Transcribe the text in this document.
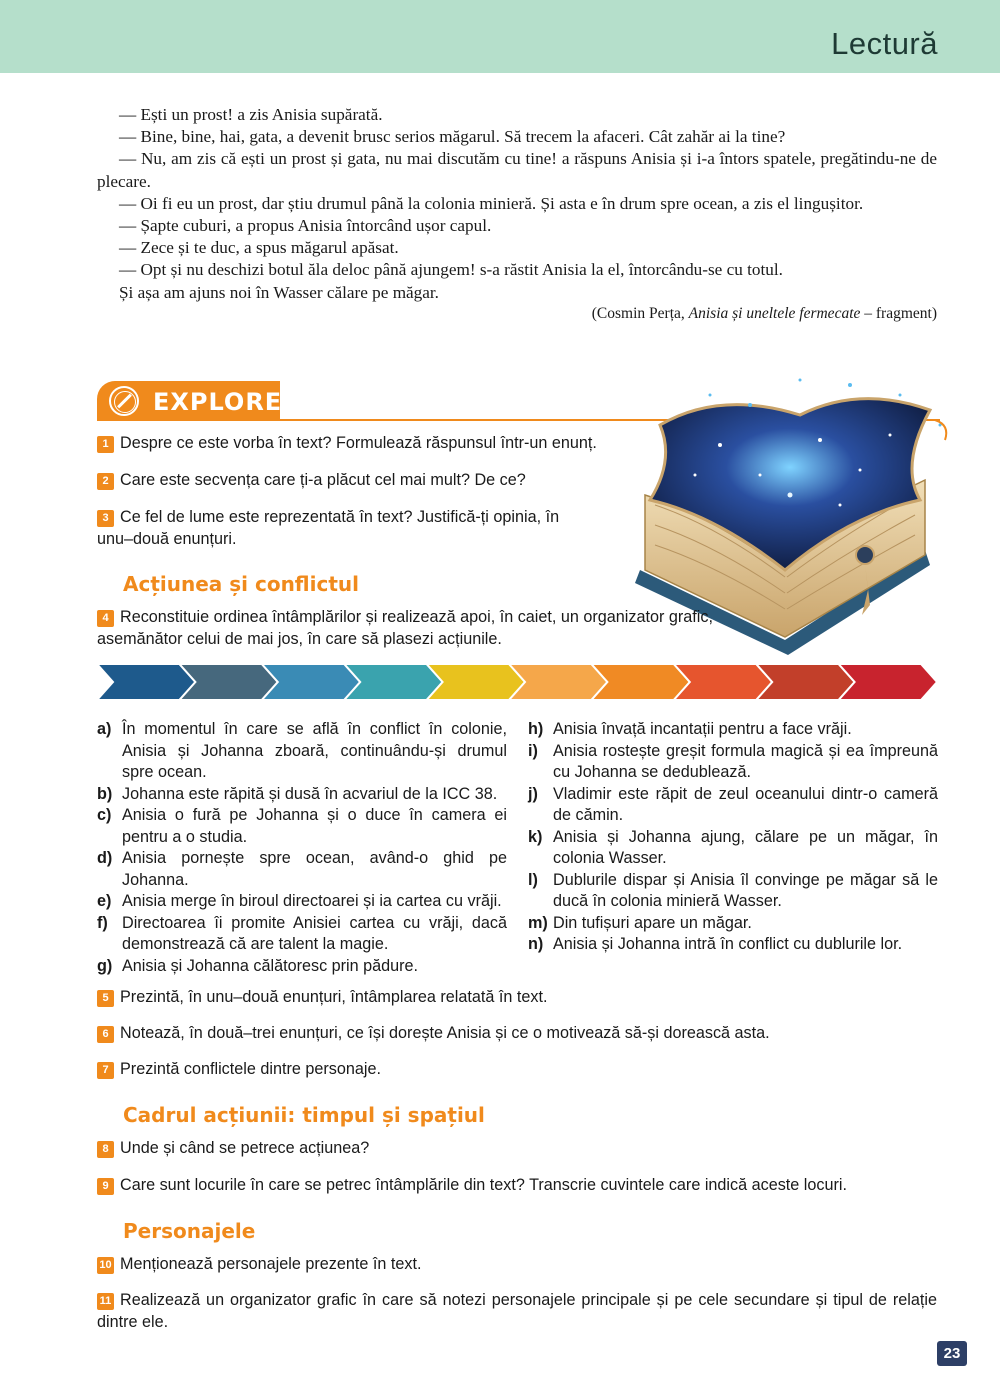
Lectură

— Ești un prost! a zis Anisia supărată.

— Bine, bine, hai, gata, a devenit brusc serios măgarul. Să trecem la afaceri. Cât zahăr ai la tine?

— Nu, am zis că ești un prost și gata, nu mai discutăm cu tine! a răspuns Anisia și i-a întors spatele, pregătindu-ne de plecare.

— Oi fi eu un prost, dar știu drumul până la colonia minieră. Și asta e în drum spre ocean, a zis el lingușitor.

— Șapte cuburi, a propus Anisia întorcând ușor capul.

— Zece și te duc, a spus măgarul apăsat.

— Opt și nu deschizi botul ăla deloc până ajungem! s-a răstit Anisia la el, întorcându-se cu totul.

Și așa am ajuns noi în Wasser călare pe măgar.

(Cosmin Perța, Anisia și uneltele fermecate – fragment)
EXPLOREZ
1 Despre ce este vorba în text? Formulează răspunsul într-un enunț.
2 Care este secvența care ți-a plăcut cel mai mult? De ce?
3 Ce fel de lume este reprezentată în text? Justifică-ți opinia, în unu–două enunțuri.
Acțiunea și conflictul
4 Reconstituie ordinea întâmplărilor și realizează apoi, în caiet, un organizator grafic, asemănător celui de mai jos, în care să plasezi acțiunile.
a) În momentul în care se află în conflict în colonie, Anisia și Johanna zboară, continuându-și drumul spre ocean.
b) Johanna este răpită și dusă în acvariul de la ICC 38.
c) Anisia o fură pe Johanna și o duce în camera ei pentru a o studia.
d) Anisia pornește spre ocean, având-o ghid pe Johanna.
e) Anisia merge în biroul directoarei și ia cartea cu vrăji.
f) Directoarea îi promite Anisiei cartea cu vrăji, dacă demonstrează că are talent la magie.
g) Anisia și Johanna călătoresc prin pădure.
h) Anisia învață incantații pentru a face vrăji.
i) Anisia rostește greșit formula magică și ea împreună cu Johanna se dedublează.
j) Vladimir este răpit de zeul oceanului dintr-o cameră de cămin.
k) Anisia și Johanna ajung, călare pe un măgar, în colonia Wasser.
l) Dublurile dispar și Anisia îl convinge pe măgar să le ducă în colonia minieră Wasser.
m) Din tufișuri apare un măgar.
n) Anisia și Johanna intră în conflict cu dublurile lor.
5 Prezintă, în unu–două enunțuri, întâmplarea relatată în text.
6 Notează, în două–trei enunțuri, ce își dorește Anisia și ce o motivează să-și dorească asta.
7 Prezintă conflictele dintre personaje.
Cadrul acțiunii: timpul și spațiul
8 Unde și când se petrece acțiunea?
9 Care sunt locurile în care se petrec întâmplările din text? Transcrie cuvintele care indică aceste locuri.
Personajele
10 Menționează personajele prezente în text.
11 Realizează un organizator grafic în care să notezi personajele principale și pe cele secundare și tipul de relație dintre ele.
23
